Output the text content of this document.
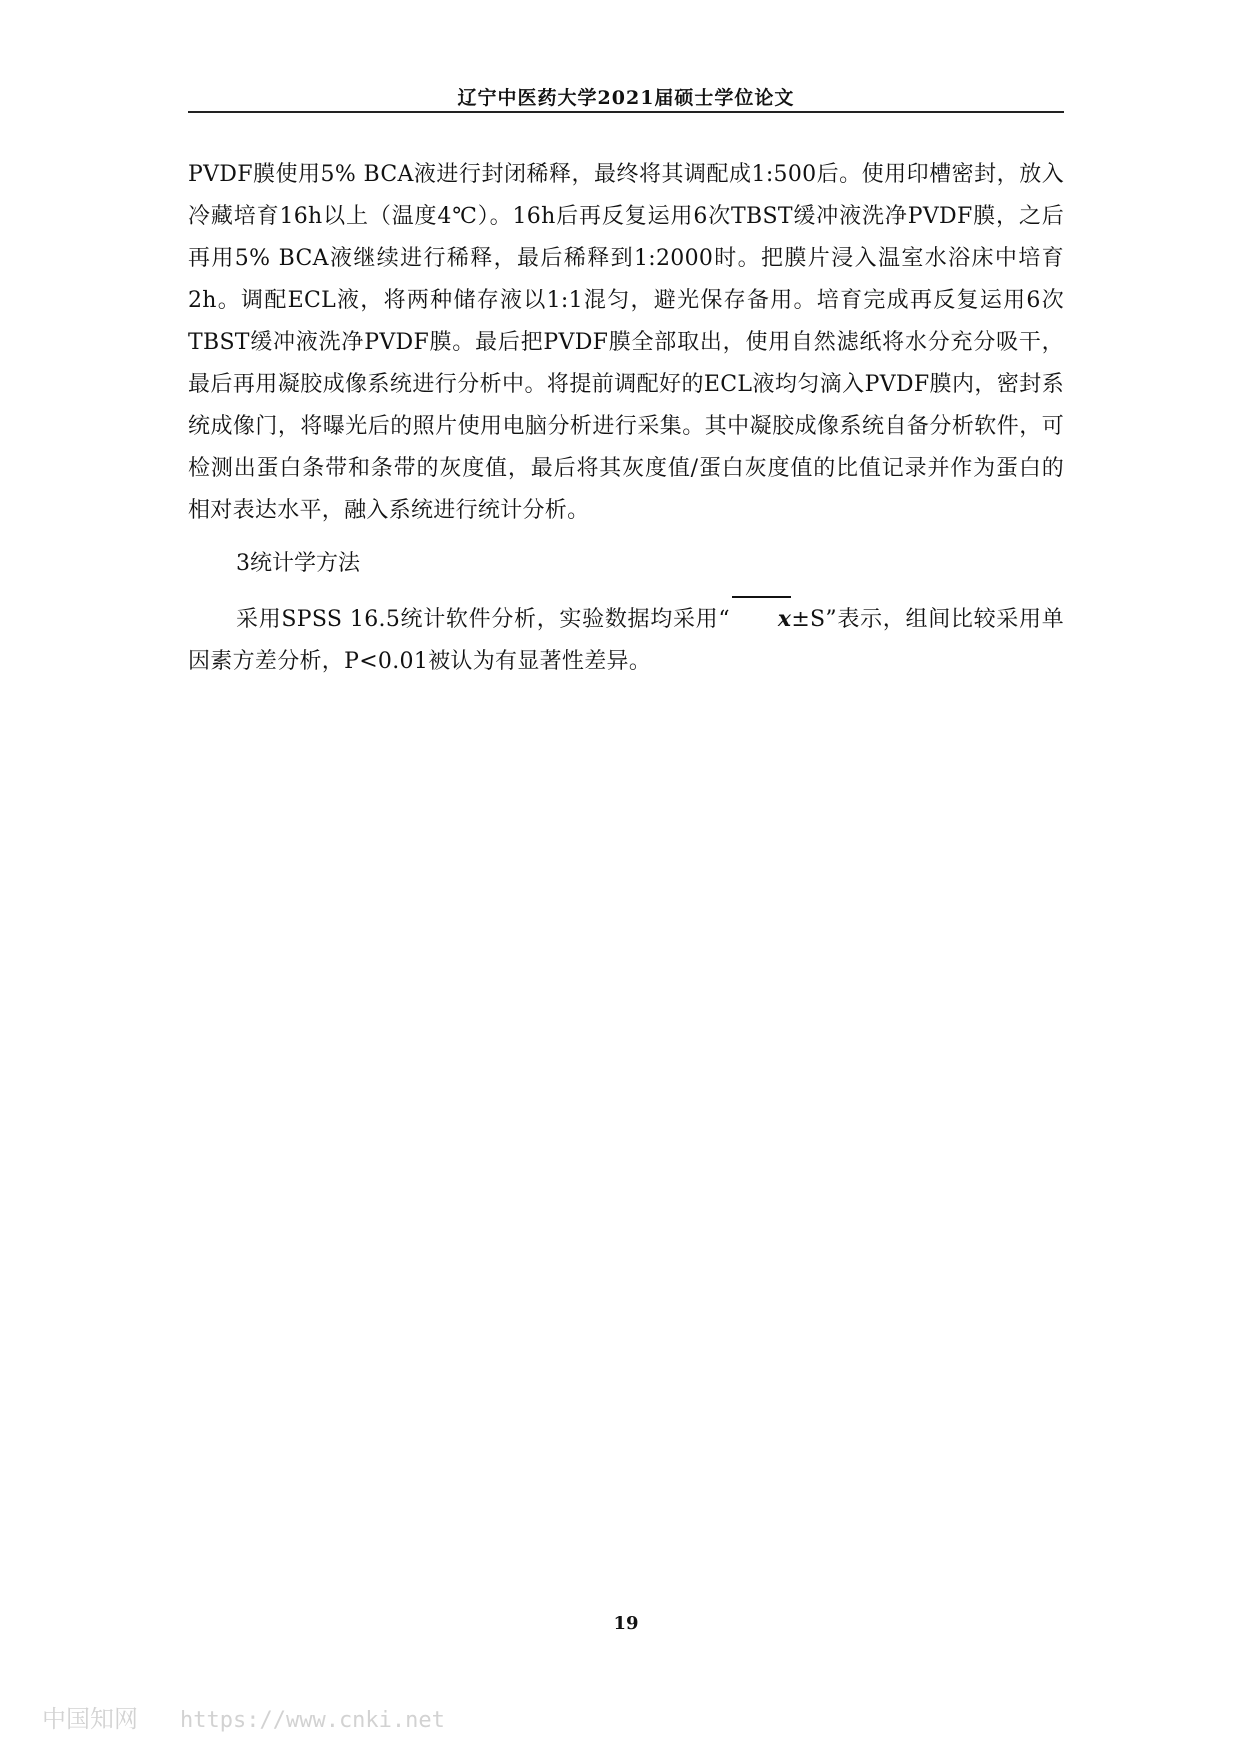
辽宁中医药大学2021届硕士学位论文

PVDF膜使用5% BCA液进行封闭稀释，最终将其调配成1:500后。使用印槽密封，放入冷藏培育16h以上（温度4℃）。16h后再反复运用6次TBST缓冲液洗净PVDF膜，之后再用5% BCA液继续进行稀释，最后稀释到1:2000时。把膜片浸入温室水浴床中培育2h。调配ECL液，将两种储存液以1:1混匀，避光保存备用。培育完成再反复运用6次TBST缓冲液洗净PVDF膜。最后把PVDF膜全部取出，使用自然滤纸将水分充分吸干，最后再用凝胶成像系统进行分析中。将提前调配好的ECL液均匀滴入PVDF膜内，密封系统成像门，将曝光后的照片使用电脑分析进行采集。其中凝胶成像系统自备分析软件，可检测出蛋白条带和条带的灰度值，最后将其灰度值/蛋白灰度值的比值记录并作为蛋白的相对表达水平，融入系统进行统计分析。

3统计学方法

采用SPSS 16.5统计软件分析，实验数据均采用“ x±S”表示，组间比较采用单因素方差分析，P<0.01被认为有显著性差异。

19
中国知网 https://www.cnki.net
